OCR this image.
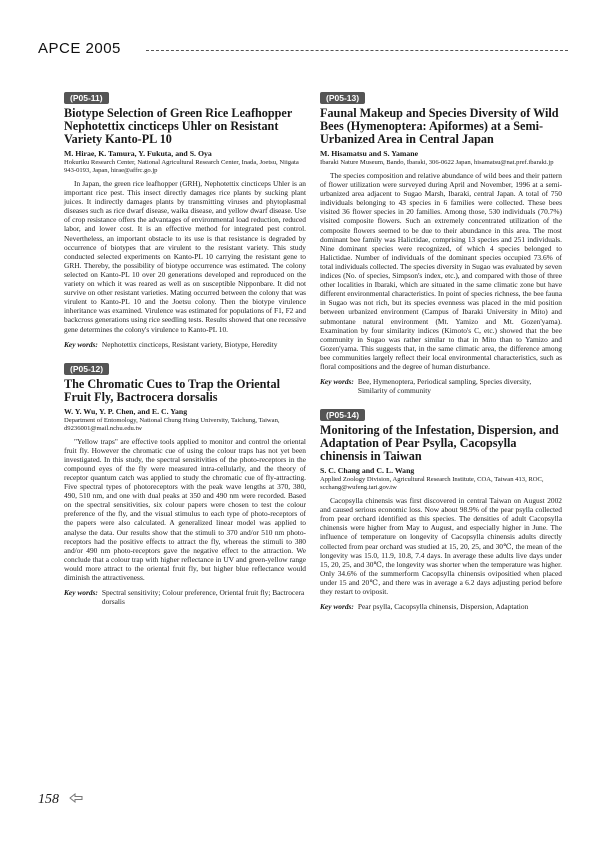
APCE 2005
(P05-11)
Biotype Selection of Green Rice Leafhopper Nephotettix cincticeps Uhler on Resistant Variety Kanto-PL 10
M. Hirae, K. Tamura, Y. Fukuta, and S. Oya
Hokuriku Research Center, National Agricultural Research Center, Inada, Joetsu, Niigata 943-0193, Japan, hirae@affrc.go.jp

In Japan, the green rice leafhopper (GRH), Nephotettix cincticeps Uhler is an important rice pest. This insect directly damages rice plants by sucking plant juices. It indirectly damages plants by transmitting viruses and phytoplasmal diseases such as rice dwarf disease, waika disease, and yellow dwarf disease. Use of crop resistance offers the advantages of environmental load reduction, reduced labor, and lower cost. It is an effective method for integrated pest control. Nevertheless, an important obstacle to its use is that resistance is degraded by occurrence of biotypes that are virulent to the resistant variety. This study conducted selected experiments on Kanto-PL 10 carrying the resistant gene to GRH. Thereby, the possibility of biotype occurrence was estimated. The colony selected on Kanto-PL 10 over 20 generations developed and reproduced on the variety on which it was reared as well as on susceptible Nipponbare. It did not survive on other resistant varieties. Mating occurred between the colony that was virulent to Kanto-PL 10 and the Joetsu colony. Then the biotype virulence inheritance was examined. Virulence was estimated for populations of F1, F2 and backcross generations using rice seedling tests. Results showed that one recessive gene determines the colony's virulence to Kanto-PL 10.

Key words: Nephotettix cincticeps, Resistant variety, Biotype, Heredity
(P05-12)
The Chromatic Cues to Trap the Oriental Fruit Fly, Bactrocera dorsalis
W. Y. Wu, Y. P. Chen, and E. C. Yang
Department of Entomology, National Chung Hsing University, Taichung, Taiwan, d9236001@mail.nchu.edu.tw

"Yellow traps" are effective tools applied to monitor and control the oriental fruit fly. However the chromatic cue of using the colour traps has not yet been investigated. In this study, the spectral sensitivities of the photo-receptors in the compound eyes of the fly were measured intra-cellularly, and the theory of receptor quantum catch was applied to study the chromatic cue of fly-attracting. Five spectral types of photoreceptors with the peak wave lengths at 370, 380, 490, 510 nm, and one with dual peaks at 350 and 490 nm were recorded. Based on the spectral sensitivities, six colour papers were chosen to test the colour preference of the fly, and the visual stimulus to each type of photo-receptors of the papers were also calculated. A generalized linear model was applied to analyse the data. Our results show that the stimuli to 370 and/or 510 nm photo-receptors had the positive effects to attract the fly, whereas the stimuli to 380 and/or 490 nm photo-receptors gave the negative effect to the attraction. We conclude that a colour trap with higher reflectance in UV and green-yellow range would more attract to the oriental fruit fly, but higher blue reflectance would diminish the attractiveness.

Key words: Spectral sensitivity; Colour preference, Oriental fruit fly; Bactrocera dorsalis
(P05-13)
Faunal Makeup and Species Diversity of Wild Bees (Hymenoptera: Apiformes) at a Semi-Urbanized Area in Central Japan
M. Hisamatsu and S. Yamane
Ibaraki Nature Museum, Bando, Ibaraki, 306-0622 Japan, hisamatsu@nat.pref.ibaraki.jp

The species composition and relative abundance of wild bees and their pattern of flower utilization were surveyed during April and November, 1996 at a semi-urbanized area adjacent to Sugao Marsh, Ibaraki, central Japan. A total of 750 individuals belonging to 43 species in 6 families were collected. These bees visited 36 flower species in 20 families. Among those, 530 individuals (70.7%) visited composite flowers. Such an extremely concentrated utilization of the composite flowers seemed to be due to their abundance in this area. The most dominant bee family was Halictidae, comprising 13 species and 251 individuals. Nine dominant species were recognized, of which 4 species belonged to Halictidae. Number of individuals of the dominant species occupied 73.6% of total individuals collected. The species diversity in Sugao was evaluated by seven indices (No. of species, Simpson's index, etc.), and compared with those of three other localities in Ibaraki, which are situated in the same climatic zone but have different environmental characteristics. In point of species richness, the bee fauna in Sugao was not rich, but its species evenness was placed in the mid position between urbanized environment (Campus of Ibaraki University in Mito) and submontane natural environment (Mt. Yamizo and Mt. Gozen'yama). Examination by four similarity indices (Kimoto's C, etc.) showed that the bee community in Sugao was rather similar to that in Mito than to Yamizo and Gozen'yama. This suggests that, in the same climatic area, the difference among bee communities largely reflect their local environmental characteristics, such as floral compositions and the degree of human disturbance.

Key words: Bee, Hymenoptera, Periodical sampling, Species diversity, Similarity of community
(P05-14)
Monitoring of the Infestation, Dispersion, and Adaptation of Pear Psylla, Cacopsylla chinensis in Taiwan
S. C. Chang and C. L. Wang
Applied Zoology Division, Agricultural Research Institute, COA, Taiwan 413, ROC, scchang@wufeng.tari.gov.tw

Cacopsylla chinensis was first discovered in central Taiwan on August 2002 and caused serious economic loss. Now about 98.9% of the pear psylla collected from pear orchard identified as this species. The densities of adult Cacopsylla chinensis were higher from May to August, and especially higher in June. The influence of temperature on longevity of Cacopsylla chinensis adults directly collected from pear orchard was studied at 15, 20, 25, and 30℃, the mean of the longevity was 15.0, 11.9, 10.8, 7.4 days. In average these adults live days under 15, 20, 25, and 30℃, the longevity was shorter when the temperature was higher. Only 34.6% of the summerform Cacopsylla chinensis ovipositied when placed under 15 and 20℃, and there was in average a 6.2 days adjusting period before they restart to oviposit.

Key words: Pear psylla, Cacopsylla chinensis, Dispersion, Adaptation
158
